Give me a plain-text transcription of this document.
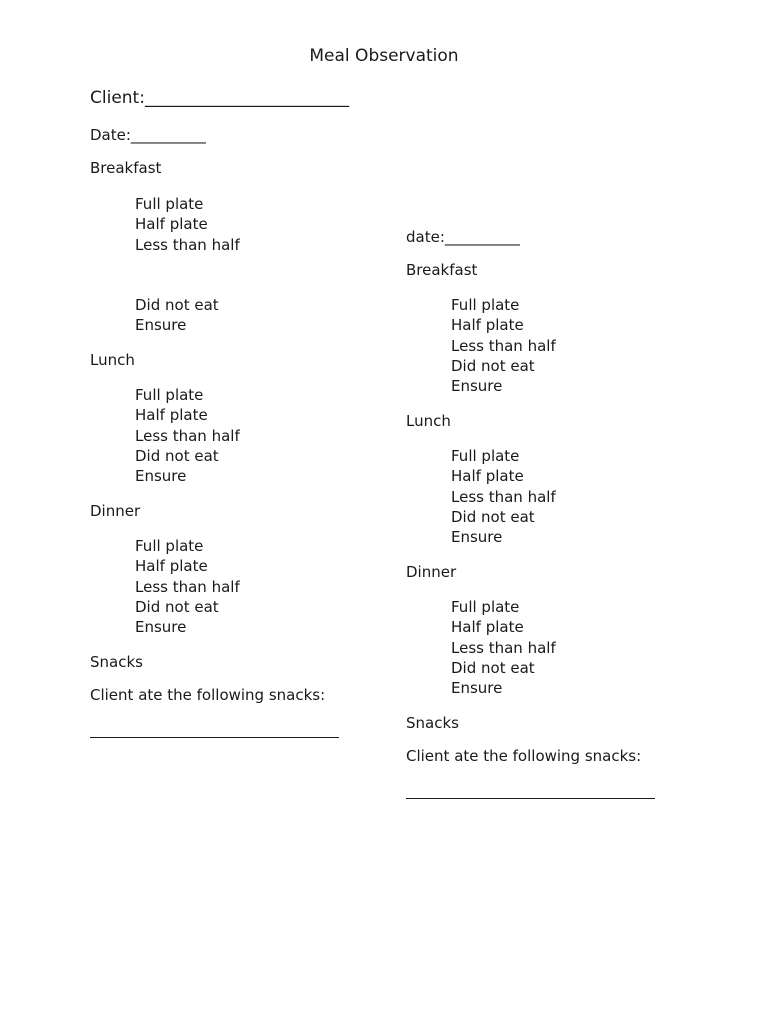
Meal Observation
Client:________________________
Date:__________
Breakfast
Full plate
Half plate
Less than half
Did not eat
Ensure
Lunch
Full plate
Half plate
Less than half
Did not eat
Ensure
Dinner
Full plate
Half plate
Less than half
Did not eat
Ensure
Snacks
Client ate the following snacks:
date:__________
Breakfast
Full plate
Half plate
Less than half
Did not eat
Ensure
Lunch
Full plate
Half plate
Less than half
Did not eat
Ensure
Dinner
Full plate
Half plate
Less than half
Did not eat
Ensure
Snacks
Client ate the following snacks:
